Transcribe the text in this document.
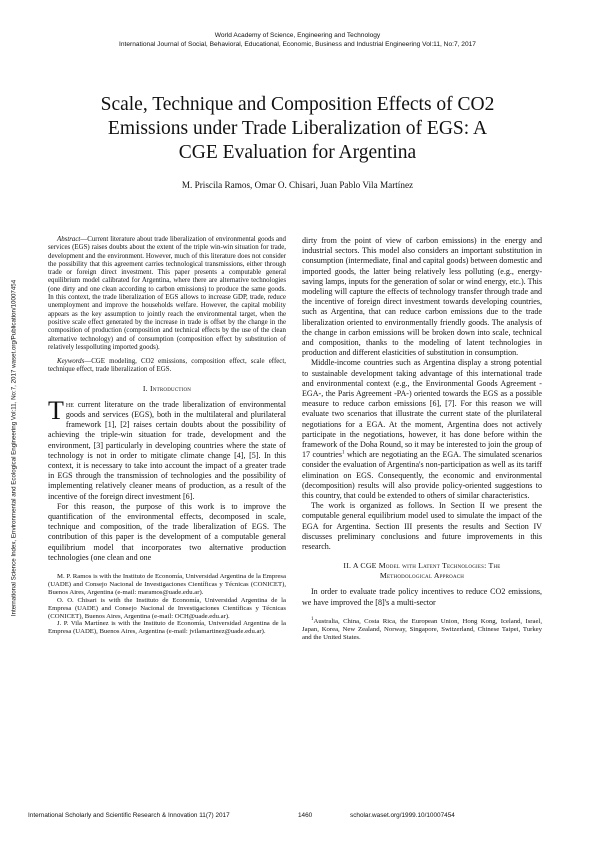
World Academy of Science, Engineering and Technology
International Journal of Social, Behavioral, Educational, Economic, Business and Industrial Engineering Vol:11, No:7, 2017
Scale, Technique and Composition Effects of CO2
Emissions under Trade Liberalization of EGS: A
CGE Evaluation for Argentina
M. Priscila Ramos, Omar O. Chisari, Juan Pablo Vila Martínez
International Science Index, Environmental and Ecological Engineering Vol:11, No:7, 2017 waset.org/Publication/10007454

Abstract—Current literature about trade liberalization of environmental goods and services (EGS) raises doubts about the extent of the triple win-win situation for trade, development and the environment. However, much of this literature does not consider the possibility that this agreement carries technological transmissions, either through trade or foreign direct investment. This paper presents a computable general equilibrium model calibrated for Argentina, where there are alternative technologies (one dirty and one clean according to carbon emissions) to produce the same goods. In this context, the trade liberalization of EGS allows to increase GDP, trade, reduce unemployment and improve the households welfare. However, the capital mobility appears as the key assumption to jointly reach the environmental target, when the positive scale effect generated by the increase in trade is offset by the change in the composition of production (composition and technical effects by the use of the clean alternative technology) and of consumption (composition effect by substitution of relatively lesspolluting imported goods).

Keywords—CGE modeling, CO2 emissions, composition effect, scale effect, technique effect, trade liberalization of EGS.

I. Introduction

The current literature on the trade liberalization of environmental goods and services (EGS), both in the multilateral and plurilateral framework [1], [2] raises certain doubts about the possibility of achieving the triple-win situation for trade, development and the environment, [3] particularly in developing countries where the state of technology is not in order to mitigate climate change [4], [5]. In this context, it is necessary to take into account the impact of a greater trade in EGS through the transmission of technologies and the possibility of implementing relatively cleaner means of production, as a result of the incentive of the foreign direct investment [6].

For this reason, the purpose of this work is to improve the quantification of the environmental effects, decomposed in scale, technique and composition, of the trade liberalization of EGS. The contribution of this paper is the development of a computable general equilibrium model that incorporates two alternative production technologies (one clean and one

M. P. Ramos is with the Instituto de Economía, Universidad Argentina de la Empresa (UADE) and Consejo Nacional de Investigaciones Científicas y Técnicas (CONICET), Buenos Aires, Argentina (e-mail: maramos@uade.edu.ar).

O. O. Chisari is with the Instituto de Economía, Universidad Argentina de la Empresa (UADE) and Consejo Nacional de Investigaciones Científicas y Técnicas (CONICET), Buenos Aires, Argentina (e-mail: OCH@uade.edu.ar).

J. P. Vila Martínez is with the Instituto de Economía, Universidad Argentina de la Empresa (UADE), Buenos Aires, Argentina (e-mail: jvilamartinez@uade.edu.ar).

dirty from the point of view of carbon emissions) in the energy and industrial sectors. This model also considers an important substitution in consumption (intermediate, final and capital goods) between domestic and imported goods, the latter being relatively less polluting (e.g., energy-saving lamps, inputs for the generation of solar or wind energy, etc.). This modeling will capture the effects of technology transfer through trade and the incentive of foreign direct investment towards developing countries, such as Argentina, that can reduce carbon emissions due to the trade liberalization oriented to environmentally friendly goods. The analysis of the change in carbon emissions will be broken down into scale, technical and composition, thanks to the modeling of latent technologies in production and different elasticities of substitution in consumption.

Middle-income countries such as Argentina display a strong potential to sustainable development taking advantage of this international trade and environmental context (e.g., the Environmental Goods Agreement -EGA-, the Paris Agreement -PA-) oriented towards the EGS as a possible measure to reduce carbon emissions [6], [7]. For this reason we will evaluate two scenarios that illustrate the current state of the plurilateral negotiations for a EGA. At the moment, Argentina does not actively participate in the negotiations, however, it has done before within the framework of the Doha Round, so it may be interested to join the group of 17 countries$^1$ which are negotiating an the EGA. The simulated scenarios consider the evaluation of Argentina's non-participation as well as its tariff elimination on EGS. Consequently, the economic and environmental (decomposition) results will also provide policy-oriented suggestions to this country, that could be extended to others of similar characteristics.

The work is organized as follows. In Section II we present the computable general equilibrium model used to simulate the impact of the EGA for Argentina. Section III presents the results and Section IV discusses preliminary conclusions and future improvements in this research.

II. A CGE Model with Latent Technologies: The
Methodological Approach

In order to evaluate trade policy incentives to reduce CO2 emissions, we have improved the [8]'s a multi-sector

$^1$Australia, China, Costa Rica, the European Union, Hong Kong, Iceland, Israel, Japan, Korea, New Zealand, Norway, Singapore, Switzerland, Chinese Taipei, Turkey and the United States.

International Scholarly and Scientific Research & Innovation 11(7) 2017	1460	scholar.waset.org/1999.10/10007454
